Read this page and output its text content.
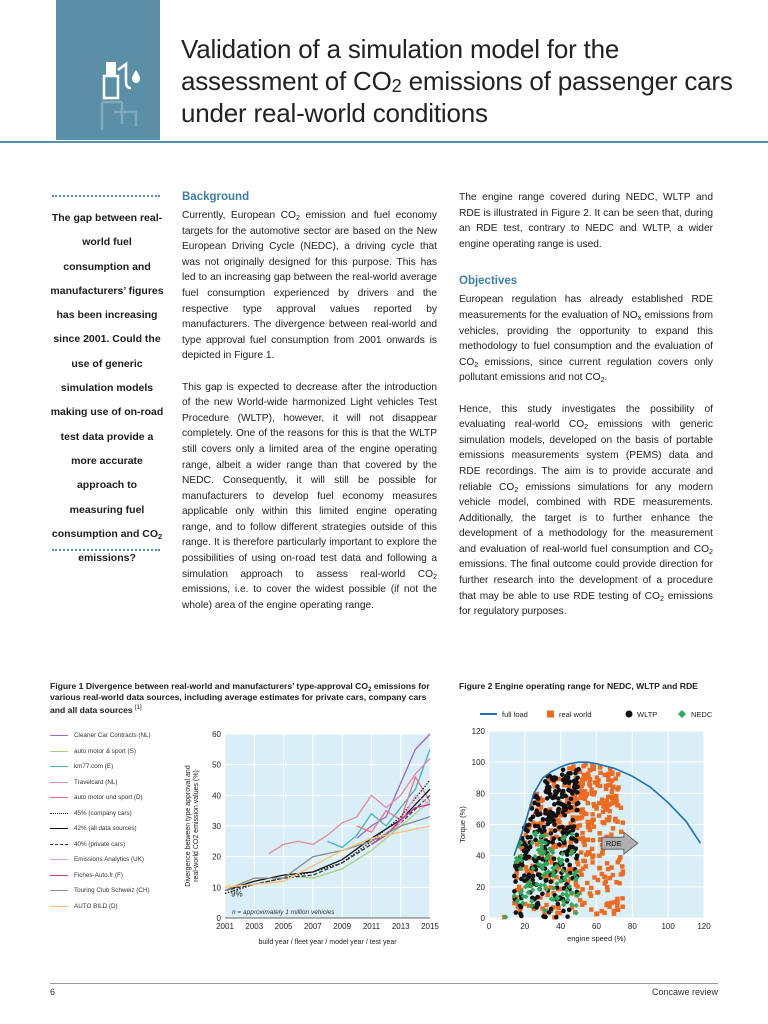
Validation of a simulation model for the assessment of $CO_2$ emissions of passenger cars under real-world conditions
The gap between real-world fuel consumption and manufacturers’ figures has been increasing since 2001. Could the use of generic simulation models making use of on-road test data provide a more accurate approach to measuring fuel consumption and $CO_2$ emissions?
Background

Currently, European $CO_2$ emission and fuel economy targets for the automotive sector are based on the New European Driving Cycle (NEDC), a driving cycle that was not originally designed for this purpose. This has led to an increasing gap between the real-world average fuel consumption experienced by drivers and the respective type approval values reported by manufacturers. The divergence between real-world and type approval fuel consumption from 2001 onwards is depicted in Figure 1.

This gap is expected to decrease after the introduction of the new World-wide harmonized Light vehicles Test Procedure (WLTP), however, it will not disappear completely. One of the reasons for this is that the WLTP still covers only a limited area of the engine operating range, albeit a wider range than that covered by the NEDC. Consequently, it will still be possible for manufacturers to develop fuel economy measures applicable only within this limited engine operating range, and to follow different strategies outside of this range. It is therefore particularly important to explore the possibilities of using on-road test data and following a simulation approach to assess real-world $CO_2$ emissions, i.e. to cover the widest possible (if not the whole) area of the engine operating range.

The engine range covered during NEDC, WLTP and RDE is illustrated in Figure 2. It can be seen that, during an RDE test, contrary to NEDC and WLTP, a wider engine operating range is used.

Objectives

European regulation has already established RDE measurements for the evaluation of $NO_x$ emissions from vehicles, providing the opportunity to expand this methodology to fuel consumption and the evaluation of $CO_2$ emissions, since current regulation covers only pollutant emissions and not $CO_2$.

Hence, this study investigates the possibility of evaluating real-world $CO_2$ emissions with generic simulation models, developed on the basis of portable emissions measurements system (PEMS) data and RDE recordings. The aim is to provide accurate and reliable $CO_2$ emissions simulations for any modern vehicle model, combined with RDE measurements. Additionally, the target is to further enhance the development of a methodology for the measurement and evaluation of real-world fuel consumption and $CO_2$ emissions. The final outcome could provide direction for further research into the development of a procedure that may be able to use RDE testing of $CO_2$ emissions for regulatory purposes.

Figure 1 Divergence between real-world and manufacturers’ type-approval $CO_2$ emissions for various real-world data sources, including average estimates for private cars, company cars and all data sources [1]
Cleaner Car Contracts (NL)
auto motor & sport (S)
km77.com (E)
Travelcard (NL)
auto motor und sport (D)
45% (company cars)
42% (all data sources)
40% (private cars)
Emissions Analytics (UK)
Fiches-Auto.fr (F)
Touring Club Schweiz (CH)
AUTO BILD (D)
0
10
20
30
40
50
60
2001 2003 2005 2007 2009 2011 2013 2015
9%
n = approximately 1 million vehicles
build year / fleet year / model year / test year
Divergence between type approval andreal-world CO2 emission values (%)
Figure 2 Engine operating range for NEDC, WLTP and RDE
full load	real world	WLTP	NEDC
0
20
40
60
80
100
120
0	20	40	60	80	100	120
RDE
engine speed (%)
Torque (%)
6	Concawe review
